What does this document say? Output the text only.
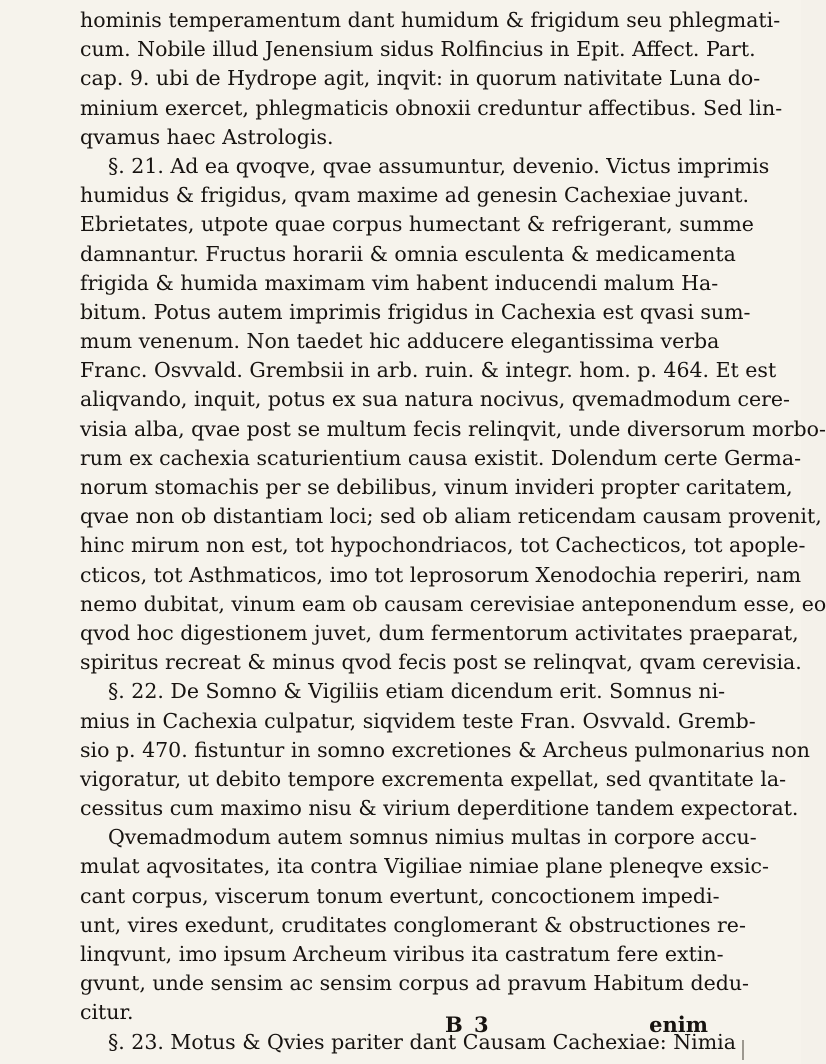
hominis temperamentum dant humidum & frigidum seu phlegmati-
cum. Nobile illud Jenensium sidus Rolfincius in Epit. Affect. Part.
cap. 9. ubi de Hydrope agit, inqvit: in quorum nativitate Luna do-
minium exercet, phlegmaticis obnoxii creduntur affectibus. Sed lin-
qvamus haec Astrologis.
§. 21. Ad ea qvoqve, qvae assumuntur, devenio. Victus imprimis
humidus & frigidus, qvam maxime ad genesin Cachexiae juvant.
Ebrietates, utpote quae corpus humectant & refrigerant, summe
damnantur. Fructus horarii & omnia esculenta & medicamenta
frigida & humida maximam vim habent inducendi malum Ha-
bitum. Potus autem imprimis frigidus in Cachexia est qvasi sum-
mum venenum. Non taedet hic adducere elegantissima verba
Franc. Osvvald. Grembsii in arb. ruin. & integr. hom. p. 464. Et est
aliqvando, inquit, potus ex sua natura nocivus, qvemadmodum cere-
visia alba, qvae post se multum fecis relinqvit, unde diversorum morbo-
rum ex cachexia scaturientium causa existit. Dolendum certe Germa-
norum stomachis per se debilibus, vinum invideri propter caritatem,
qvae non ob distantiam loci; sed ob aliam reticendam causam provenit,
hinc mirum non est, tot hypochondriacos, tot Cachecticos, tot apople-
cticos, tot Asthmaticos, imo tot leprosorum Xenodochia reperiri, nam
nemo dubitat, vinum eam ob causam cerevisiae anteponendum esse, eo
qvod hoc digestionem juvet, dum fermentorum activitates praeparat,
spiritus recreat & minus qvod fecis post se relinqvat, qvam cerevisia.
§. 22. De Somno & Vigiliis etiam dicendum erit. Somnus ni-
mius in Cachexia culpatur, siqvidem teste Fran. Osvvald. Gremb-
sio p. 470. fistuntur in somno excretiones & Archeus pulmonarius non
vigoratur, ut debito tempore excrementa expellat, sed qvantitate la-
cessitus cum maximo nisu & virium deperditione tandem expectorat.
Qvemadmodum autem somnus nimius multas in corpore accu-
mulat aqvositates, ita contra Vigiliae nimiae plane pleneqve exsic-
cant corpus, viscerum tonum evertunt, concoctionem impedi-
unt, vires exedunt, cruditates conglomerant & obstructiones re-
linqvunt, imo ipsum Archeum viribus ita castratum fere extin-
gvunt, unde sensim ac sensim corpus ad pravum Habitum dedu-
citur.
§. 23. Motus & Qvies pariter dant Causam Cachexiae: Nimia
B 3	enim
